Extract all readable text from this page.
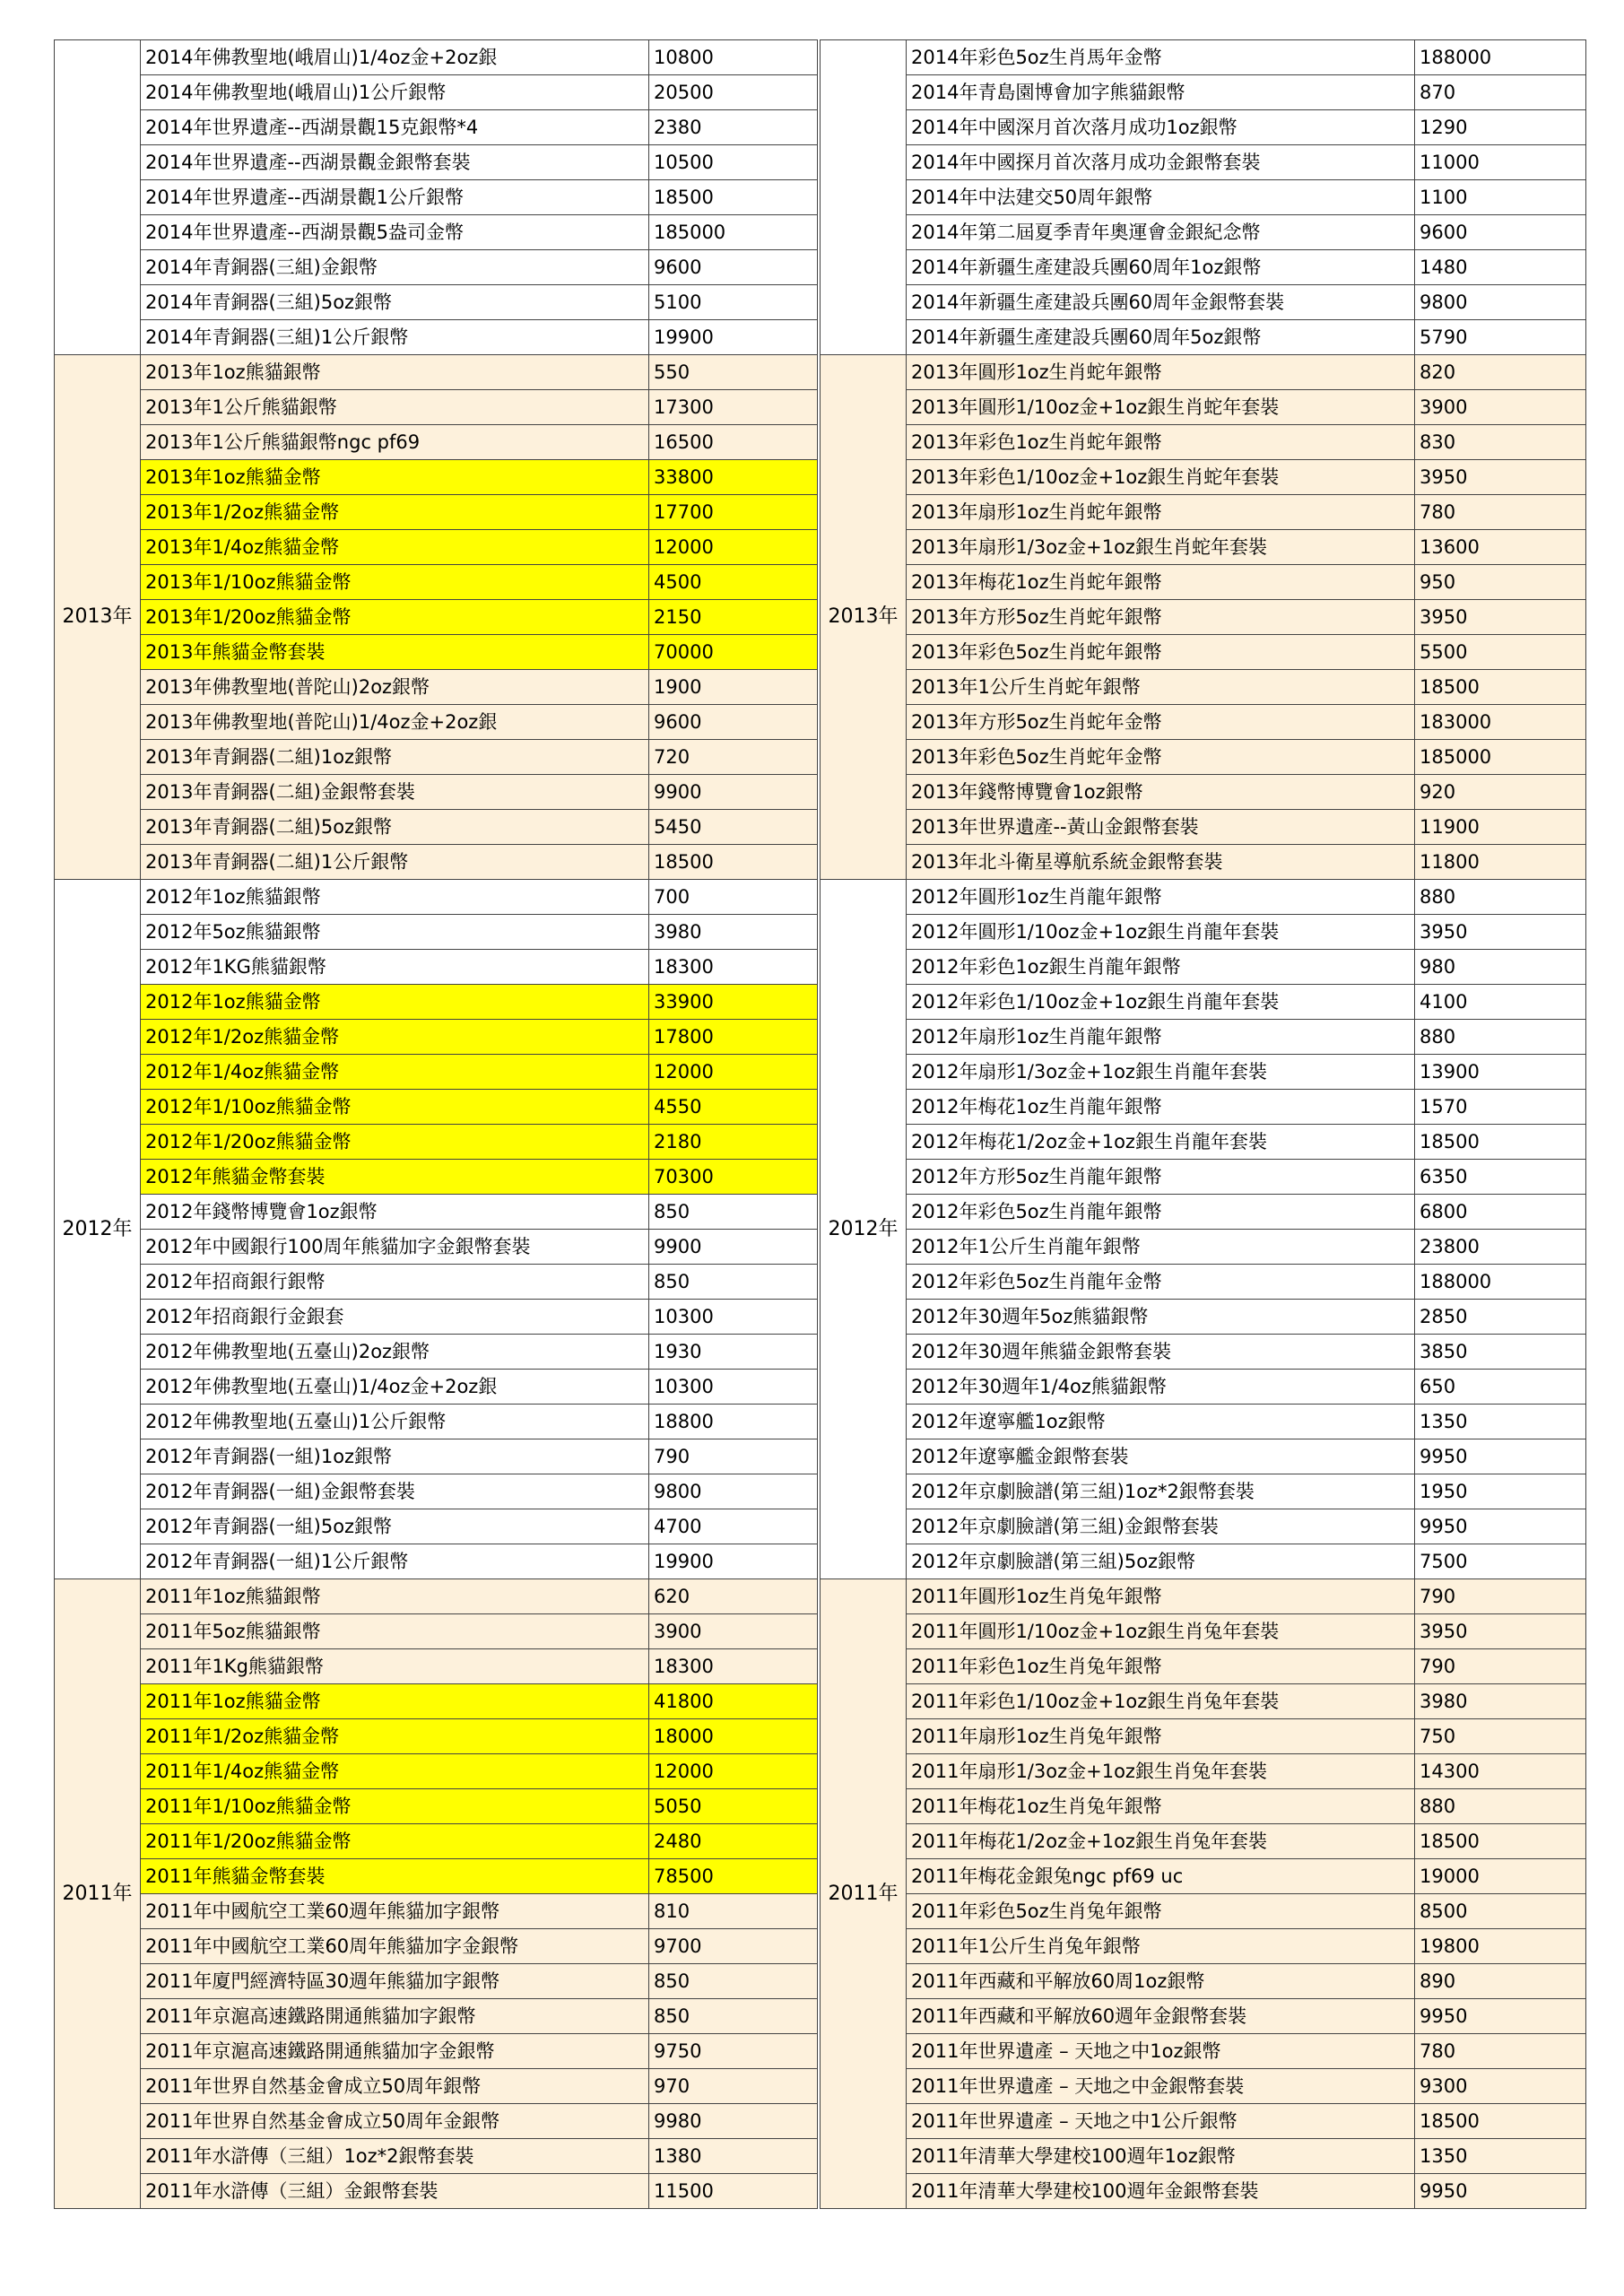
	2014年佛教聖地(峨眉山)1/4oz金+2oz銀	10800
	2014年佛教聖地(峨眉山)1公斤銀幣	20500
	2014年世界遺產--西湖景觀15克銀幣*4	2380
	2014年世界遺產--西湖景觀金銀幣套裝	10500
	2014年世界遺產--西湖景觀1公斤銀幣	18500
	2014年世界遺產--西湖景觀5盎司金幣	185000
	2014年青銅器(三組)金銀幣	9600
	2014年青銅器(三組)5oz銀幣	5100
	2014年青銅器(三組)1公斤銀幣	19900
2013年	2013年1oz熊貓銀幣	550
	2013年1公斤熊貓銀幣	17300
	2013年1公斤熊貓銀幣ngc pf69	16500
	2013年1oz熊貓金幣	33800
	2013年1/2oz熊貓金幣	17700
	2013年1/4oz熊貓金幣	12000
	2013年1/10oz熊貓金幣	4500
	2013年1/20oz熊貓金幣	2150
	2013年熊貓金幣套裝	70000
	2013年佛教聖地(普陀山)2oz銀幣	1900
	2013年佛教聖地(普陀山)1/4oz金+2oz銀	9600
	2013年青銅器(二組)1oz銀幣	720
	2013年青銅器(二組)金銀幣套裝	9900
	2013年青銅器(二組)5oz銀幣	5450
	2013年青銅器(二組)1公斤銀幣	18500
2012年	2012年1oz熊貓銀幣	700
	2012年5oz熊貓銀幣	3980
	2012年1KG熊貓銀幣	18300
	2012年1oz熊貓金幣	33900
	2012年1/2oz熊貓金幣	17800
	2012年1/4oz熊貓金幣	12000
	2012年1/10oz熊貓金幣	4550
	2012年1/20oz熊貓金幣	2180
	2012年熊貓金幣套裝	70300
	2012年錢幣博覽會1oz銀幣	850
	2012年中國銀行100周年熊貓加字金銀幣套裝	9900
	2012年招商銀行銀幣	850
	2012年招商銀行金銀套	10300
	2012年佛教聖地(五臺山)2oz銀幣	1930
	2012年佛教聖地(五臺山)1/4oz金+2oz銀	10300
	2012年佛教聖地(五臺山)1公斤銀幣	18800
	2012年青銅器(一組)1oz銀幣	790
	2012年青銅器(一組)金銀幣套裝	9800
	2012年青銅器(一組)5oz銀幣	4700
	2012年青銅器(一組)1公斤銀幣	19900
2011年	2011年1oz熊貓銀幣	620
	2011年5oz熊貓銀幣	3900
	2011年1Kg熊貓銀幣	18300
	2011年1oz熊貓金幣	41800
	2011年1/2oz熊貓金幣	18000
	2011年1/4oz熊貓金幣	12000
	2011年1/10oz熊貓金幣	5050
	2011年1/20oz熊貓金幣	2480
	2011年熊貓金幣套裝	78500
	2011年中國航空工業60週年熊貓加字銀幣	810
	2011年中國航空工業60周年熊貓加字金銀幣	9700
	2011年廈門經濟特區30週年熊貓加字銀幣	850
	2011年京滬高速鐵路開通熊貓加字銀幣	850
	2011年京滬高速鐵路開通熊貓加字金銀幣	9750
	2011年世界自然基金會成立50周年銀幣	970
	2011年世界自然基金會成立50周年金銀幣	9980
	2011年水滸傳（三組）1oz*2銀幣套裝	1380
	2011年水滸傳（三組）金銀幣套裝	11500
	2014年彩色5oz生肖馬年金幣	188000
	2014年青島園博會加字熊貓銀幣	870
	2014年中國深月首次落月成功1oz銀幣	1290
	2014年中國探月首次落月成功金銀幣套裝	11000
	2014年中法建交50周年銀幣	1100
	2014年第二屆夏季青年奧運會金銀紀念幣	9600
	2014年新疆生產建設兵團60周年1oz銀幣	1480
	2014年新疆生產建設兵團60周年金銀幣套裝	9800
	2014年新疆生產建設兵團60周年5oz銀幣	5790
2013年	2013年圓形1oz生肖蛇年銀幣	820
	2013年圓形1/10oz金+1oz銀生肖蛇年套裝	3900
	2013年彩色1oz生肖蛇年銀幣	830
	2013年彩色1/10oz金+1oz銀生肖蛇年套裝	3950
	2013年扇形1oz生肖蛇年銀幣	780
	2013年扇形1/3oz金+1oz銀生肖蛇年套裝	13600
	2013年梅花1oz生肖蛇年銀幣	950
	2013年方形5oz生肖蛇年銀幣	3950
	2013年彩色5oz生肖蛇年銀幣	5500
	2013年1公斤生肖蛇年銀幣	18500
	2013年方形5oz生肖蛇年金幣	183000
	2013年彩色5oz生肖蛇年金幣	185000
	2013年錢幣博覽會1oz銀幣	920
	2013年世界遺產--黃山金銀幣套裝	11900
	2013年北斗衛星導航系統金銀幣套裝	11800
2012年	2012年圓形1oz生肖龍年銀幣	880
	2012年圓形1/10oz金+1oz銀生肖龍年套裝	3950
	2012年彩色1oz銀生肖龍年銀幣	980
	2012年彩色1/10oz金+1oz銀生肖龍年套裝	4100
	2012年扇形1oz生肖龍年銀幣	880
	2012年扇形1/3oz金+1oz銀生肖龍年套裝	13900
	2012年梅花1oz生肖龍年銀幣	1570
	2012年梅花1/2oz金+1oz銀生肖龍年套裝	18500
	2012年方形5oz生肖龍年銀幣	6350
	2012年彩色5oz生肖龍年銀幣	6800
	2012年1公斤生肖龍年銀幣	23800
	2012年彩色5oz生肖龍年金幣	188000
	2012年30週年5oz熊貓銀幣	2850
	2012年30週年熊貓金銀幣套裝	3850
	2012年30週年1/4oz熊貓銀幣	650
	2012年遼寧艦1oz銀幣	1350
	2012年遼寧艦金銀幣套裝	9950
	2012年京劇臉譜(第三組)1oz*2銀幣套裝	1950
	2012年京劇臉譜(第三組)金銀幣套裝	9950
	2012年京劇臉譜(第三組)5oz銀幣	7500
2011年	2011年圓形1oz生肖兔年銀幣	790
	2011年圓形1/10oz金+1oz銀生肖兔年套裝	3950
	2011年彩色1oz生肖兔年銀幣	790
	2011年彩色1/10oz金+1oz銀生肖兔年套裝	3980
	2011年扇形1oz生肖兔年銀幣	750
	2011年扇形1/3oz金+1oz銀生肖兔年套裝	14300
	2011年梅花1oz生肖兔年銀幣	880
	2011年梅花1/2oz金+1oz銀生肖兔年套裝	18500
	2011年梅花金銀兔ngc pf69 uc	19000
	2011年彩色5oz生肖兔年銀幣	8500
	2011年1公斤生肖兔年銀幣	19800
	2011年西藏和平解放60周1oz銀幣	890
	2011年西藏和平解放60週年金銀幣套裝	9950
	2011年世界遺產 – 天地之中1oz銀幣	780
	2011年世界遺產 – 天地之中金銀幣套裝	9300
	2011年世界遺產 – 天地之中1公斤銀幣	18500
	2011年清華大學建校100週年1oz銀幣	1350
	2011年清華大學建校100週年金銀幣套裝	9950
